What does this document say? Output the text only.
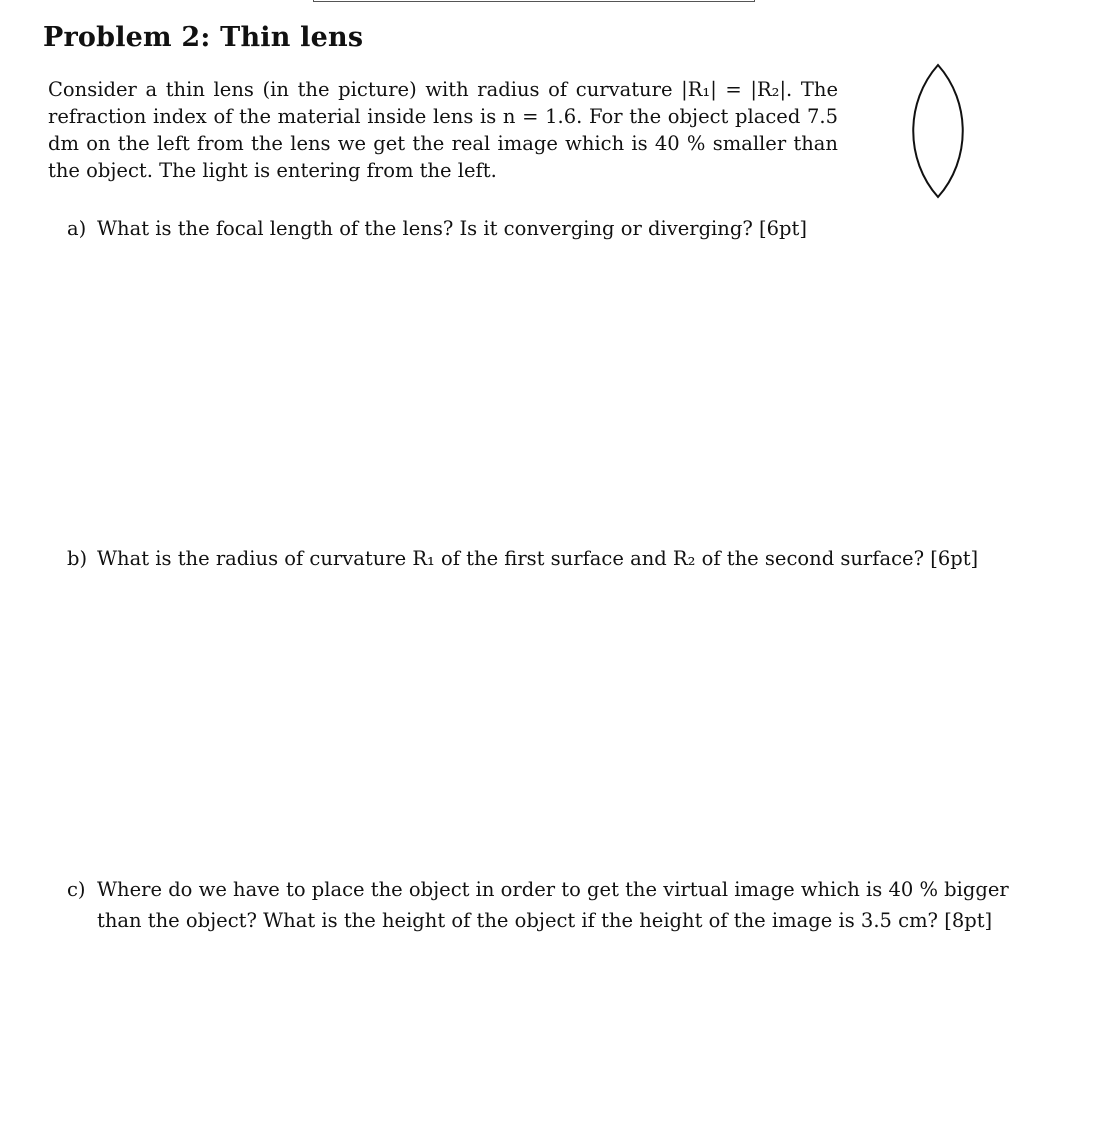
Problem 2: Thin lens
Consider a thin lens (in the picture) with radius of curvature |R₁| = |R₂|. The refraction index of the material inside lens is n = 1.6. For the object placed 7.5 dm on the left from the lens we get the real image which is 40 % smaller than the object. The light is entering from the left.
a) What is the focal length of the lens? Is it converging or diverging? [6pt]
b) What is the radius of curvature R₁ of the first surface and R₂ of the second surface? [6pt]
c) Where do we have to place the object in order to get the virtual image which is 40 % bigger than the object? What is the height of the object if the height of the image is 3.5 cm? [8pt]
